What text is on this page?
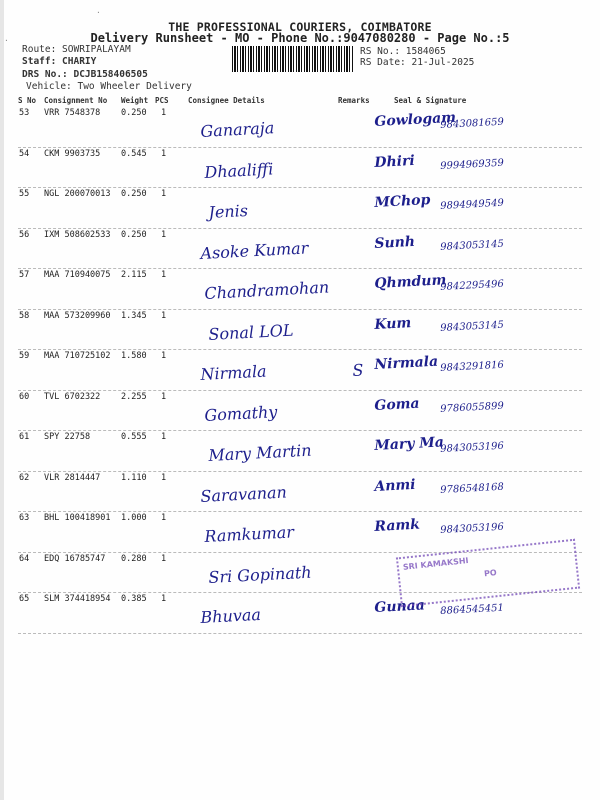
THE PROFESSIONAL COURIERS, COIMBATORE
Delivery Runsheet - MO - Phone No.:9047080280 - Page No.:5
Route: SOWRIPALAYAM
Staff: CHARIY
DRS No.: DCJB158406505
Vehicle: Two Wheeler Delivery
RS No.: 1584065
RS Date: 21-Jul-2025
S No Consignment No Weight PCS	Consignee Details	Remarks	Seal & Signature
53 VRR 7548378 0.250 1
Ganaraja	Gowlogam
9843081659
54 CKM 9903735 0.545 1
Dhaaliffi	Dhiri 9994969359
55 NGL 200070013 0.250 1
Jenis	MChop 9894949549
56 IXM 508602533 0.250 1
Asoke Kumar	Sunh 9843053145
57 MAA 710940075 2.115 1
Chandramohan	Qhmdum
9842295496
58 MAA 573209960 1.345 1
Sonal LOL	Kum	9843053145
59 MAA 710725102 1.580 1
Nirmala	S Nirmala 9843291816
60 TVL 6702322 2.255 1
Gomathy	Goma 9786055899
61 SPY 22758	0.555 1
Mary Martin	Mary Ma
9843053196
62 VLR 2814447 1.110 1
Saravanan	Anmi 9786548168
63 BHL 100418901 1.000 1
Ramkumar	Ramk 9843053196
64 EDQ 16785747 0.280 1
Sri Gopinath
65 SLM 374418954 0.385 1
Bhuvaa	Gunaa 8864545451
SRI KAMAKSHI
PO
·
·
